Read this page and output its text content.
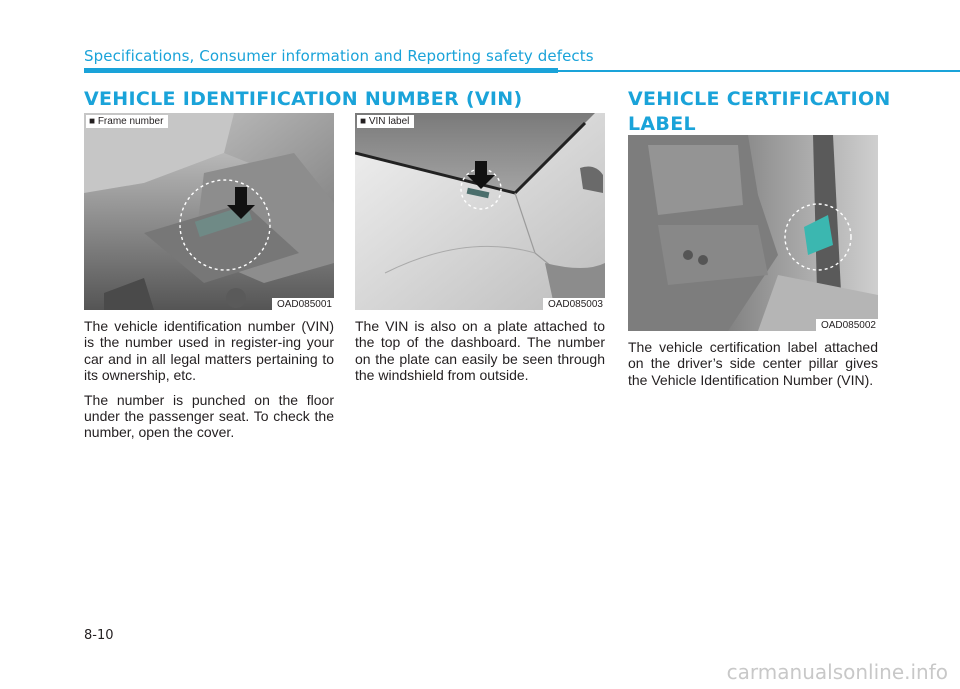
Specifications, Consumer information and Reporting safety defects
VEHICLE IDENTIFICATION NUMBER (VIN)	VEHICLE CERTIFICATION
LABEL
■ Frame number
OAD085001
■ VIN label
OAD085003
OAD085002

The vehicle identification number (VIN) is the number used in register-ing your car and in all legal matters pertaining to its ownership, etc.

The number is punched on the floor under the passenger seat. To check the number, open the cover.

The VIN is also on a plate attached to the top of the dashboard. The number on the plate can easily be seen through the windshield from outside.

The vehicle certification label attached on the driver’s side center pillar gives the Vehicle Identification Number (VIN).

8-10
carmanualsonline.info
